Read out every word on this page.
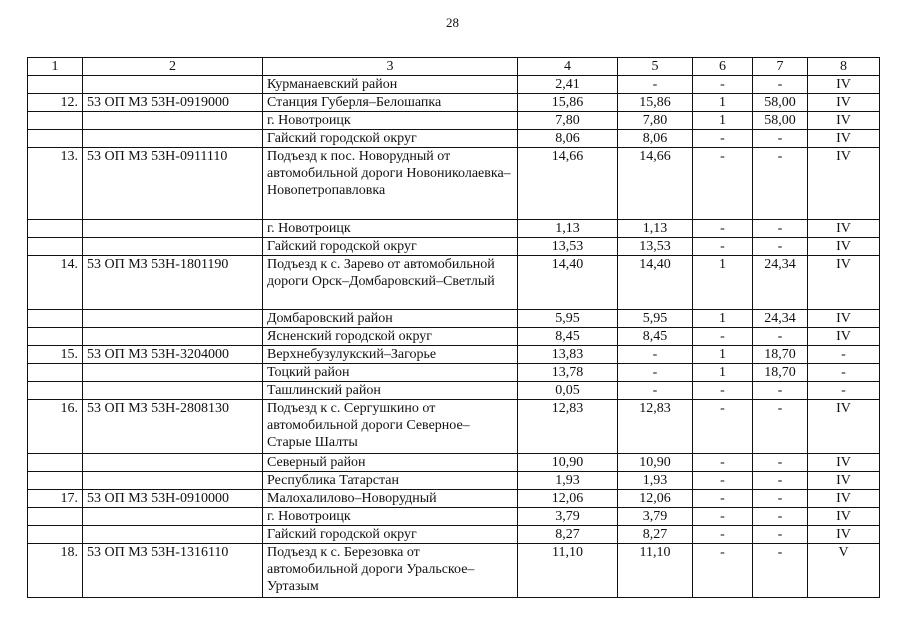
28
1	2	3	4	5	6	7	8
		Курманаевский район	2,41	-	-	-	IV
12.	53 ОП МЗ 53Н-0919000	Станция Губерля–Белошапка	15,86	15,86	1	58,00	IV
		г. Новотроицк	7,80	7,80	1	58,00	IV
		Гайский городской округ	8,06	8,06	-	-	IV
13.	53 ОП МЗ 53Н-0911110	Подъезд к пос. Новорудный от автомобильной дороги Новониколаевка–Новопетропавловка	14,66	14,66	-	-	IV
		г. Новотроицк	1,13	1,13	-	-	IV
		Гайский городской округ	13,53	13,53	-	-	IV
14.	53 ОП МЗ 53Н-1801190	Подъезд к с. Зарево от автомобильной дороги Орск–Домбаровский–Светлый	14,40	14,40	1	24,34	IV
		Домбаровский район	5,95	5,95	1	24,34	IV
		Ясненский городской округ	8,45	8,45	-	-	IV
15.	53 ОП МЗ 53Н-3204000	Верхнебузулукский–Загорье	13,83	-	1	18,70	-
		Тоцкий район	13,78	-	1	18,70	-
		Ташлинский район	0,05	-	-	-	-
16.	53 ОП МЗ 53Н-2808130	Подъезд к с. Сергушкино от автомобильной дороги Северное–Старые Шалты	12,83	12,83	-	-	IV
		Северный район	10,90	10,90	-	-	IV
		Республика Татарстан	1,93	1,93	-	-	IV
17.	53 ОП МЗ 53Н-0910000	Малохалилово–Новорудный	12,06	12,06	-	-	IV
		г. Новотроицк	3,79	3,79	-	-	IV
		Гайский городской округ	8,27	8,27	-	-	IV
18.	53 ОП МЗ 53Н-1316110	Подъезд к с. Березовка от автомобильной дороги Уральское–Уртазым	11,10	11,10	-	-	V
